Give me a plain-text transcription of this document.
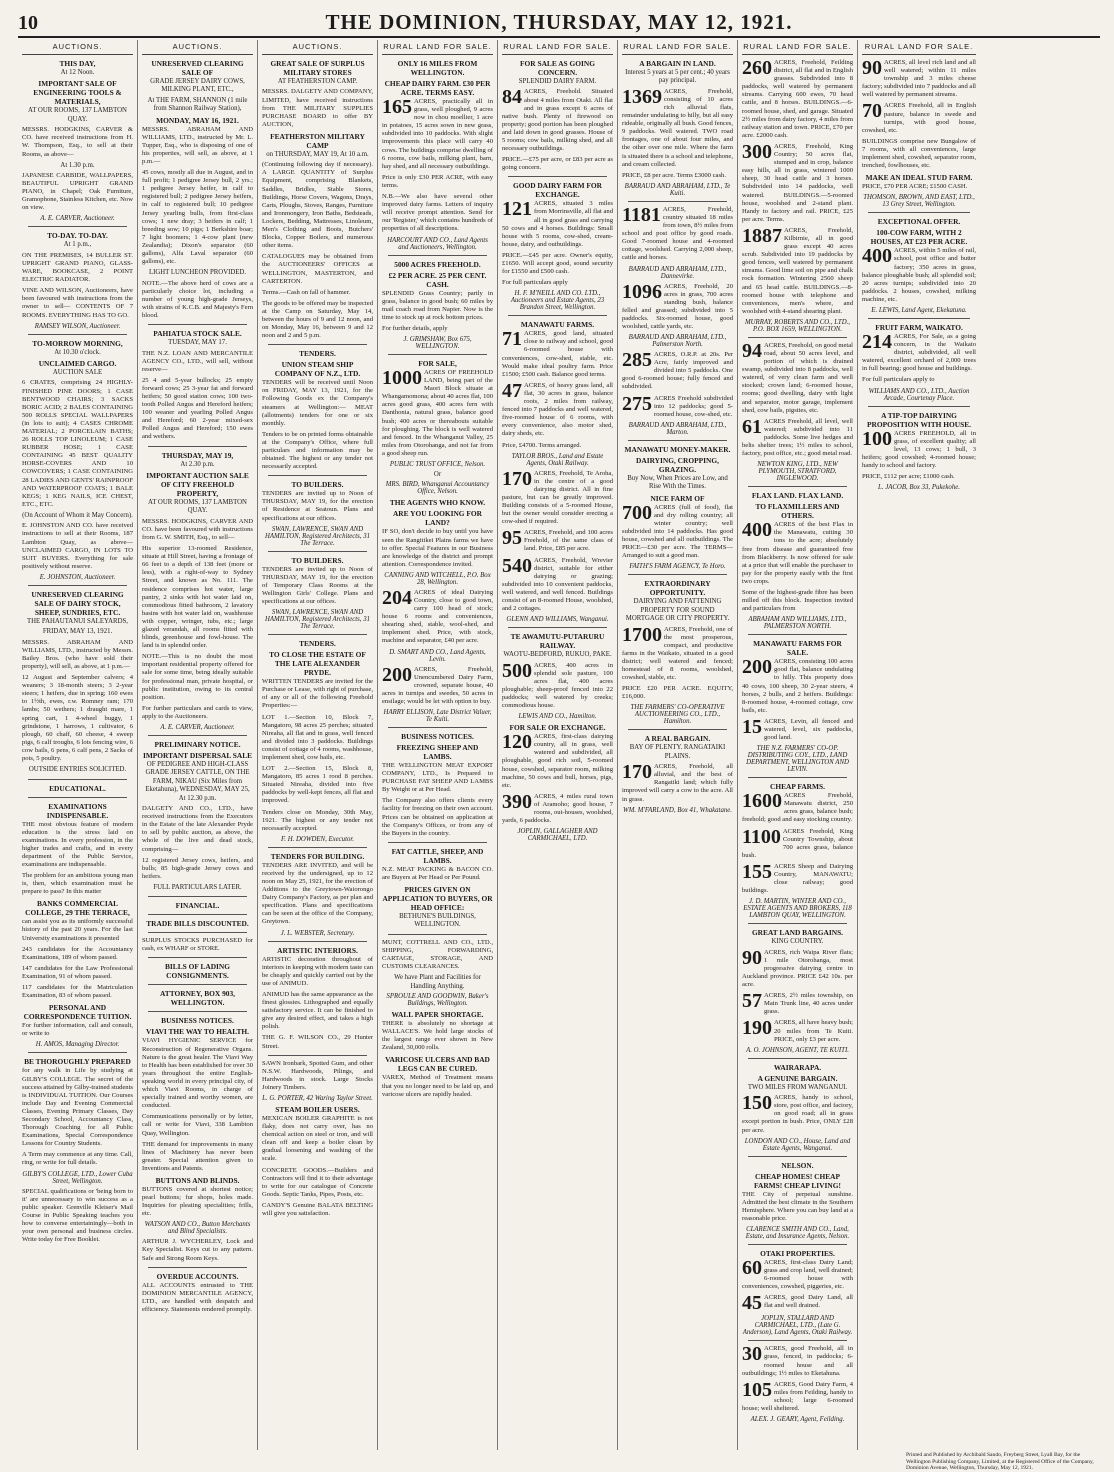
10	THE DOMINION, THURSDAY, MAY 12, 1921.
AUCTIONS.
THIS DAY,
At 12 Noon.
IMPORTANT SALE OF ENGINEERING TOOLS & MATERIALS,
AT OUR ROOMS, 137 LAMBTON QUAY.
MESSRS. HODGKINS, CARVER & CO. have received instructions from H. W. Thompson, Esq., to sell at their Rooms, as above—
At 1.30 p.m.
JAPANESE CARBIDE, WALLPAPERS, BEAUTIFUL UPRIGHT GRAND PIANO, in Chapel; Oak Furniture, Gramophone, Stainless Kitchen, etc. Now on view.
A. E. CARVER, Auctioneer.
TO-DAY. TO-DAY.
At 1 p.m.,
ON THE PREMISES, 14 BULLER ST. UPRIGHT GRAND PIANO, GLASS-WARE, BOOKCASE, 2 POINT ELECTRIC RADIATOR.
VINE AND WILSON, Auctioneers, have been favoured with instructions from the owner to sell— CONTENTS OF 7 ROOMS. EVERYTHING HAS TO GO.
RAMSEY WILSON, Auctioneer.
TO-MORROW MORNING,
At 10.30 o'clock.
UNCLAIMED CARGO.
AUCTION SALE
6 CRATES, comprising 24 HIGHLY-FINISHED PINE DOORS; 1 CASE BENTWOOD CHAIRS; 3 SACKS BORIC ACID; 2 BALES CONTAINING 500 ROLLS SPECIAL WALLPAPERS (in lots to suit); 4 CASES CHROME MATERIAL; 2 PORCELAIN BATHS; 26 ROLLS TOP LINOLEUM; 1 CASE RUBBER HOSE; 1 CASE CONTAINING 45 BEST QUALITY HORSE-COVERS AND 10 COWCOVERS; 1 CASE CONTAINING 28 LADIES AND GENTS' RAINPROOF AND WATERPROOF COATS; 1 BALE KEGS; 1 KEG NAILS, ICE CHEST, ETC., ETC.
(On Account of Whom it May Concern).
E. JOHNSTON AND CO. have received instructions to sell at their Rooms, 187 Lambton Quay, as above— UNCLAIMED CARGO, IN LOTS TO SUIT BUYERS. Everything for sale positively without reserve.
E. JOHNSTON, Auctioneer.
UNRESERVED CLEARING SALE OF DAIRY STOCK, SHEEP, SUNDRIES, ETC.
THE PAHAUTANUI SALEYARDS,
FRIDAY, MAY 13, 1921.
MESSRS. ABRAHAM AND WILLIAMS, LTD., instructed by Messrs. Bailey Bros. (who have sold their property), will sell, as above, at 1 p.m.—
12 August and September calvers; 4 weaners; 3 18-month steers; 3 2-year steers; 1 heifers, due in spring; 160 ewes to 1½th, ewes, r.w. Romney ram; 170 lambs; 50 wethers; 1 draught mare, 1 spring cart, 1 4-wheel buggy, 1 grindstone, 1 harrows, 1 cultivator, 6 plough, 60 chaff, 60 cheese, 4 sweep pigs, 6 calf troughs, 6 lots fencing wire, 6 cow bails, 6 pens, 6 calf pens, 2 Sacks of pots, 5 poultry.
OUTSIDE ENTRIES SOLICITED.
EDUCATIONAL.
EXAMINATIONS INDISPENSABLE.
THE most obvious feature of modern education is the stress laid on examinations. In every profession, in the higher trades and crafts, and in every department of the Public Service, examinations are indispensable.
The problem for an ambitious young man is, then, which examination must he prepare to pass? In this matter
BANKS COMMERCIAL COLLEGE, 29 THE TERRACE,
can assist you as its uniformly successful history of the past 20 years. For the last University examinations it presented
243 candidates for the Accountancy Examinations, 189 of whom passed.
147 candidates for the Law Professional Examination, 91 of whom passed.
117 candidates for the Matriculation Examination, 83 of whom passed.
PERSONAL AND CORRESPONDENCE TUITION.
For further information, call and consult, or write to
H. AMOS, Managing Director.
BE THOROUGHLY PREPARED
for any walk in Life by studying at GILBY'S COLLEGE. The secret of the success attained by Gilby-trained students is INDIVIDUAL TUITION. Our Courses include Day and Evening Commercial Classes, Evening Primary Classes, Day Secondary School, Accountancy Class, Thorough Coaching for all Public Examinations, Special Correspondence Lessons for Country Students.
A Term may commence at any time. Call, ring, or write for full details.
GILBY'S COLLEGE, LTD., Lower Cuba Street, Wellington.
SPECIAL qualifications or 'being born to it' are unnecessary to win success as a public speaker. Grenville Kleiser's Mail Course in Public Speaking teaches you how to converse entertainingly—both in your own personal and business circles. Write today for Free Booklet.
AUCTIONS.
UNRESERVED CLEARING SALE OF
GRADE JERSEY DAIRY COWS, MILKING PLANT, ETC.,
At THE FARM, SHANNON (1 mile from Shannon Railway Station),
MONDAY, MAY 16, 1921.
MESSRS. ABRAHAM AND WILLIAMS, LTD., instructed by Mr. L. Tupper, Esq., who is disposing of one of his properties, will sell, as above, at 1 p.m.—
45 cows, mostly all due in August, and in full profit; 1 pedigree Jersey bull, 2 yrs.; 1 pedigree Jersey heifer, in calf to registered bull; 2 pedigree Jersey heifers, in calf to registered bull; 10 pedigree Jersey yearling bulls, from first-class cows; 1 new dray; 3 heifers in calf; 1 breeding sow; 10 pigs; 1 Berkshire boar; 7 light boomers; 1 4-cow plant (new Zealandia); Dixon's separator (60 gallons), Alfa Laval separator (60 gallons), etc.
LIGHT LUNCHEON PROVIDED.
NOTE.—The above herd of cows are a particularly choice lot, including a number of young high-grade Jerseys, with strains of K.C.B. and Majesty's Fern blood.
PAHIATUA STOCK SALE.
TUESDAY, MAY 17.
THE N.Z. LOAN AND MERCANTILE AGENCY CO., LTD., will sell, without reserve—
25 4 and 5-year bullocks; 25 empty forward cows; 25 3-year fat and forward heifers; 50 good station cows; 100 two-tooth Polled Angus and Hereford heifers; 100 weaner and yearling Polled Angus and Hereford; 60 2-year mixed-sex Polled Angus and Hereford; 150 ewes and wethers.
THURSDAY, MAY 19,
At 2.30 p.m.
IMPORTANT AUCTION SALE OF CITY FREEHOLD PROPERTY,
AT OUR ROOMS, 137 LAMBTON QUAY.
MESSRS. HODGKINS, CARVER AND CO. have been favoured with instructions from G. W. SMITH, Esq., to sell—
His superior 13-roomed Residence, situate at Hill Street, having a frontage of 66 feet to a depth of 138 feet (more or less), with a right-of-way to Sydney Street, and known as No. 111. The residence comprises hot water, large pantry, 2 sinks with hot water laid on, commodious fitted bathroom, 2 lavatory basins with hot water laid on, washhouse with copper, wringer, tubs, etc.; large glazed verandah, all rooms fitted with blinds, greenhouse and fowl-house. The land is in splendid order.
NOTE.—This is no doubt the most important residential property offered for sale for some time, being ideally suitable for professional man, private hospital, or public institution, owing to its central position.
For further particulars and cards to view, apply to the Auctioneers.
A. E. CARVER, Auctioneer.
PRELIMINARY NOTICE.
IMPORTANT DISPERSAL SALE
OF PEDIGREE AND HIGH-CLASS GRADE JERSEY CATTLE, ON THE FARM, NIKAU (Six Miles from Eketahuna), WEDNESDAY, MAY 25, At 12.30 p.m.
DALGETY AND CO., LTD., have received instructions from the Executors in the Estate of the late Alexander Pryde to sell by public auction, as above, the whole of the live and dead stock, comprising—
12 registered Jersey cows, heifers, and bulls; 85 high-grade Jersey cows and heifers.
FULL PARTICULARS LATER.
FINANCIAL.
TRADE BILLS DISCOUNTED.
SURPLUS STOCKS PURCHASED for cash, ex WHARF or STORE.
BILLS OF LADING CONSIGNMENTS.
ATTORNEY, BOX 903, WELLINGTON.
BUSINESS NOTICES.
VIAVI THE WAY TO HEALTH.
VIAVI HYGIENIC SERVICE for Reconstruction of Regenerative Organs. Nature is the great healer. The Viavi Way to Health has been established for over 30 years throughout the entire English-speaking world in every principal city, of which Viavi Rooms, in charge of specially trained and worthy women, are conducted.
Communications personally or by letter, call or write for Viavi, 338 Lambton Quay, Wellington.
THE demand for improvements in many lines of Machinery has never been greater. Special attention given to Inventions and Patents.
BUTTONS AND BLINDS.
BUTTONS covered at shortest notice; pearl buttons; fur shops, holes made. Inquiries for pleating specialities; frills, etc.
WATSON AND CO., Button Merchants and Blind Specialists.
ARTHUR J. WYCHERLEY, Lock and Key Specialist. Keys cut to any pattern. Safe and Strong Room Keys.
OVERDUE ACCOUNTS.
ALL ACCOUNTS entrusted to THE DOMINION MERCANTILE AGENCY, LTD., are handled with despatch and efficiency. Statements rendered promptly.
AUCTIONS.
GREAT SALE OF SURPLUS MILITARY STORES
AT FEATHERSTON CAMP.
MESSRS. DALGETY AND COMPANY, LIMITED, have received instructions from THE MILITARY SUPPLIES PURCHASE BOARD to offer BY AUCTION,
FEATHERSTON MILITARY CAMP
on THURSDAY, MAY 19, At 10 a.m.
(Continuing following day if necessary). A LARGE QUANTITY of Surplus Equipment, comprising Blankets, Saddles, Bridles, Stable Stores, Buildings, Horse Covers, Wagons, Drays, Carts, Ploughs, Stoves, Ranges, Furniture and Ironmongery, Iron Baths, Bedsteads, Lockers, Bedding, Mattresses, Linoleum, Men's Clothing and Boots, Butchers' Blocks, Copper Boilers, and numerous other items.
CATALOGUES may be obtained from the AUCTIONEERS' OFFICES at WELLINGTON, MASTERTON, and CARTERTON.
Terms.—Cash on fall of hammer.
The goods to be offered may be inspected at the Camp on Saturday, May 14, between the hours of 9 and 12 noon, and on Monday, May 16, between 9 and 12 noon and 2 and 5 p.m.
TENDERS.
UNION STEAM SHIP COMPANY OF N.Z., LTD.
TENDERS will be received until Noon on FRIDAY, MAY 13, 1921, for the Following Goods ex the Company's steamers at Wellington:— MEAT (allotments) tenders for one or six monthly.
Tenders to be on printed forms obtainable at the Company's Office, where full particulars and information may be obtained. The highest or any tender not necessarily accepted.
TO BUILDERS.
TENDERS are invited up to Noon of THURSDAY, MAY 19, for the erection of Residence at Seatoun. Plans and specifications at our offices.
SWAN, LAWRENCE, SWAN AND HAMILTON, Registered Architects, 31 The Terrace.
TO BUILDERS.
TENDERS are invited up to Noon of THURSDAY, MAY 19, for the erection of Temporary Class Rooms at the Wellington Girls' College. Plans and specifications at our offices.
SWAN, LAWRENCE, SWAN AND HAMILTON, Registered Architects, 31 The Terrace.
TENDERS.
TO CLOSE THE ESTATE OF THE LATE ALEXANDER PRYDE.
WRITTEN TENDERS are invited for the Purchase or Lease, with right of purchase, of any or all of the following Freehold Properties:—
LOT 1.—Section 10, Block 7, Mangatoro, 98 acres 25 perches; situated Nireaha, all flat and in grass, well fenced and divided into 3 paddocks. Buildings consist of cottage of 4 rooms, washhouse, implement shed, cow bails, etc.
LOT 2.—Section 15, Block 8, Mangatoro, 85 acres 1 rood 8 perches. Situated Nireaha, divided into five paddocks by well-kept fences, all flat and improved.
Tenders close on Monday, 30th May, 1921. The highest or any tender not necessarily accepted.
F. H. DOWDEN, Executor.
TENDERS FOR BUILDING.
TENDERS ARE INVITED, and will be received by the undersigned, up to 12 noon on May 25, 1921, for the erection of Additions to the Greytown-Waiorongo Dairy Company's Factory, as per plan and specification. Plans and specifications can be seen at the office of the Company, Greytown.
J. L. WEBSTER, Secretary.
ARTISTIC INTERIORS.
ARTISTIC decoration throughout of interiors in keeping with modern taste can be cheaply and quickly carried out by the use of ANIMUD.
ANIMUD has the same appearance as the finest glossies. Lithographed and equally satisfactory service. It can be finished to give any desired effect, and takes a high polish.
THE G. F. WILSON CO., 29 Hunter Street.
SAWN Ironbark, Spotted Gum, and other N.S.W. Hardwoods, Pilings, and Hardwoods in stock. Large Stocks Joinery Timbers.
L. G. PORTER, 42 Waring Taylor Street.
STEAM BOILER USERS.
MEXICAN BOILER GRAPHITE is not flaky, does not carry over, has no chemical action on steel or iron, and will clean off and keep a boiler clean by gradual loosening and washing of the scale.
CONCRETE GOODS.—Builders and Contractors will find it to their advantage to write for our catalogue of Concrete Goods. Septic Tanks, Pipes, Posts, etc.
CANDY'S Genuine BALATA BELTING will give you satisfaction.
RURAL LAND FOR SALE.
ONLY 16 MILES FROM WELLINGTON.
CHEAP DAIRY FARM. £30 PER ACRE. TERMS EASY.
165 ACRES, practically all in grass, well ploughed, 9 acres now in chou moellier, 1 acre in potatoes, 15 acres sown in new grass, subdivided into 10 paddocks. With slight improvements this place will carry 40 cows. The buildings comprise dwelling of 6 rooms, cow bails, milking plant, barn, hay shed, and all necessary outbuildings.
Price is only £30 PER ACRE, with easy terms.
N.B.—We also have several other improved dairy farms. Letters of inquiry will receive prompt attention. Send for our 'Register,' which contains hundreds of properties of all descriptions.
HARCOURT AND CO., Land Agents and Auctioneers, Wellington.
5000 ACRES FREEHOLD.
£2 PER ACRE. 25 PER CENT. CASH.
SPLENDID Grass Country; partly in grass, balance in good bush; 60 miles by mail coach road from Napier. Now is the time to stock up at rock bottom prices.
For further details, apply
J. GRIMSHAW, Box 675, WELLINGTON.
FOR SALE,
1000 ACRES OF FREEHOLD LAND, being part of the Maori Block situate at Whangamomona; about 40 acres flat, 100 acres good grass, 400 acres fern with Danthonia, natural grass, balance good bush; 400 acres or thereabouts suitable for ploughing. The block is well watered and fenced. In the Whanganui Valley, 25 miles from Otorohanga, and not far from a good sheep run.
PUBLIC TRUST OFFICE, Nelson.
Or
MRS. BIRD, Whanganui Accountancy Office, Nelson.
THE AGENTS WHO KNOW.
ARE YOU LOOKING FOR LAND?
IF SO, don't decide to buy until you have seen the Rangitikei Plains farms we have to offer. Special Features in our Business are knowledge of the district and prompt attention. Correspondence invited.
CANNING AND WITCHELL, P.O. Box 28, Wellington.
204 ACRES of ideal Dairying Country, close to good town, carry 100 head of stock; house 6 rooms and conveniences, shearing shed, stable, wool-shed, and implement shed. Price, with stock, machine and separator, £40 per acre.
D. SMART AND CO., Land Agents, Levin.
200 ACRES, Freehold, Unencumbered Dairy Farm, crowned, separate house, 40 acres in turnips and swedes, 50 acres in ensilage; would be let with option to buy.
HARRY ELLISON, Late District Valuer, Te Kuiti.
BUSINESS NOTICES.
FREEZING SHEEP AND LAMBS.
THE WELLINGTON MEAT EXPORT COMPANY, LTD., Is Prepared to PURCHASE FAT SHEEP AND LAMBS By Weight or at Per Head.
The Company also offers clients every facility for freezing on their own account. Prices can be obtained on application at the Company's Offices, or from any of the Buyers in the country.
FAT CATTLE, SHEEP, AND LAMBS.
N.Z. MEAT PACKING & BACON CO. are Buyers at Per Head or Per Pound.
PRICES GIVEN ON APPLICATION TO BUYERS, OR HEAD OFFICE:
BETHUNE'S BUILDINGS, WELLINGTON.
MUNT, COTTRELL AND CO., LTD., SHIPPING, FORWARDING, CARTAGE, STORAGE, AND CUSTOMS CLEARANCES.
We have Plant and Facilities for Handling Anything.
SPROULE AND GOODWIN, Baker's Buildings, Wellington.
WALL PAPER SHORTAGE.
THERE is absolutely no shortage at WALLACE'S. We hold large stocks of the largest range ever shown in New Zealand, 30,000 rolls.
VARICOSE ULCERS AND BAD LEGS CAN BE CURED.
VAREX, Method of Treatment means that you no longer need to be laid up, and varicose ulcers are rapidly healed.
RURAL LAND FOR SALE.
FOR SALE AS GOING CONCERN.
SPLENDID DAIRY FARM.
84 ACRES, Freehold. Situated about 4 miles from Otaki. All flat and in grass except 6 acres of native bush. Plenty of firewood on property; good portion has been ploughed and laid down in good grasses. House of 5 rooms; cow bails, milking shed, and all necessary outbuildings.
PRICE.—£75 per acre, or £83 per acre as going concern.
GOOD DAIRY FARM FOR EXCHANGE.
121 ACRES, situated 3 miles from Morrinsville, all flat and all in good grass and carrying 50 cows and 4 horses. Buildings: Small house with 5 rooms, cow-shed, cream-house, dairy, and outbuildings.
PRICE.—£45 per acre. Owner's equity, £1650. Will accept good, sound security for £1550 and £500 cash.
For full particulars apply
H. F. M'NEILL AND CO. LTD., Auctioneers and Estate Agents, 23 Brandon Street, Wellington.
MANAWATU FARMS.
71 ACRES, good land, situated close to railway and school, good 6-roomed house with conveniences, cow-shed, stable, etc. Would make ideal poultry farm. Price £1500; £500 cash. Balance good terms.
47 ACRES, of heavy grass land, all flat, 30 acres in grass, balance roots, 2 miles from railway, fenced into 7 paddocks and well watered, five-roomed house of 6 rooms, with every convenience, also motor shed, dairy sheds, etc.
Price, £4700. Terms arranged.
TAYLOR BROS., Land and Estate Agents, Otaki Railway.
170 ACRES, Freehold, Te Aroha, in the centre of a good dairying district. All in fine pasture, but can be greatly improved. Building consists of a 5-roomed House, but the owner would consider erecting a cow-shed if required.
95 ACRES, Freehold, and 100 acres Freehold, of the same class of land. Price, £85 per acre.
540 ACRES, Freehold, Wrevier district, suitable for either dairying or grazing; subdivided into 10 convenient paddocks, well watered, and well fenced. Buildings consist of an 8-roomed House, woolshed, and 2 cottages.
GLENN AND WILLIAMS, Wanganui.
TE AWAMUTU-PUTARURU RAILWAY.
WAOTU-BEDFORD, RUKUO, PAKE.
500 ACRES, 400 acres in splendid sole pasture, 100 acres flat, 400 acres ploughable; sheep-proof fenced into 22 paddocks; well watered by creeks; commodious house.
LEWIS AND CO., Hamilton.
FOR SALE OR EXCHANGE.
120 ACRES, first-class dairying country, all in grass, well watered and subdivided, all ploughable, good rich soil, 5-roomed house, cowshed, separator room, milking machine, 50 cows and bull, horses, pigs, etc.
390 ACRES, 4 miles rural town of Aramoho; good house, 7 rooms, out-houses, woolshed, yards, 6 paddocks.
JOPLIN, GALLAGHER AND CARMICHAEL, LTD.
RURAL LAND FOR SALE.
A BARGAIN IN LAND.
Interest 5 years at 5 per cent.; 40 years pay principal.
1369 ACRES, Freehold, consisting of 10 acres rich alluvial flats, remainder undulating to hilly, but all easy rideable, originally all bush. Good fences, 9 paddocks. Well watered. TWO road frontages, one of about four miles, and the other over one mile. Where the farm is situated there is a school and telephone, and cream collected.
PRICE, £8 per acre. Terms £3000 cash.
BARRAUD AND ABRAHAM, LTD., Te Kuiti.
1181 ACRES, Freehold, country situated 18 miles from town, 8½ miles from school and post office by good roads. Good 7-roomed house and 4-roomed cottage, woolshed. Carrying 2,000 sheep, cattle and horses.
BARRAUD AND ABRAHAM, LTD., Dannevirke.
1096 ACRES, Freehold, 20 acres in grass, 700 acres standing bush, balance felled and grassed; subdivided into 5 paddocks. Six-roomed house, good woolshed, cattle yards, etc.
BARRAUD AND ABRAHAM, LTD., Palmerston North.
285 ACRES, O.R.P. at 20s. Per Acre, fairly improved and divided into 5 paddocks. One good 6-roomed house; fully fenced and subdivided.
275 ACRES Freehold subdivided into 12 paddocks; good 5-roomed house, cow-shed, etc.
BARRAUD AND ABRAHAM, LTD., Marton.
MANAWATU MONEY-MAKER.
DAIRYING, CROPPING, GRAZING.
Buy Now, When Prices are Low, and Rise With the Times.
NICE FARM OF
700 ACRES (full of food), flat and dry rolling country; all winter country; well subdivided into 14 paddocks. Has good house, cowshed and all outbuildings. The PRICE—£30 per acre. The TERMS—Arranged to suit a good man.
FAITH'S FARM AGENCY, Te Horo.
EXTRAORDINARY OPPORTUNITY.
DAIRYING AND FATTENING PROPERTY FOR SOUND MORTGAGE OR CITY PROPERTY.
1700 ACRES, Freehold, one of the most prosperous, compact, and productive farms in the Waikato, situated in a good district; well watered and fenced; homestead of 8 rooms, woolshed, cowshed, stable, etc.
PRICE £20 PER ACRE. EQUITY, £16,000.
THE FARMERS' CO-OPERATIVE AUCTIONEERING CO., LTD., Hamilton.
A REAL BARGAIN.
BAY OF PLENTY. RANGATAIKI PLAINS.
170 ACRES, Freehold, all alluvial, and the best of Rangatiki land; which fully improved will carry a cow to the acre. All in grass.
WM. M'FARLAND, Box 41, Whakatane.
RURAL LAND FOR SALE.
260 ACRES, Freehold, Feilding district, all flat and in English grasses. Subdivided into 8 paddocks, well watered by permanent streams. Carrying 600 ewes, 70 head cattle, and 8 horses. BUILDINGS.—6-roomed house, shed, and garage. Situated 2½ miles from dairy factory, 4 miles from railway station and town. PRICE, £70 per acre. £2000 cash.
300 ACRES, Freehold, King Country; 50 acres flat, stumped and in crop, balance easy hills, all in grass, wintered 1000 sheep, 30 head cattle and 3 horses. Subdivided into 14 paddocks, well watered. BUILDINGS.—5-roomed house, woolshed and 2-stand plant. Handy to factory and rail. PRICE, £25 per acre. Terms.
1887 ACRES, Freehold, Kilbirnie, all in good grass except 40 acres scrub. Subdivided into 19 paddocks by good fences, well watered by permanent streams. Good lime soil on pipe and chalk rock formation. Wintering 2560 sheep and 65 head cattle. BUILDINGS.—8-roomed house with telephone and conveniences, men's where, and woolshed with 4-stand shearing plant.
MURRAY, ROBERTS AND CO., LTD., P.O. BOX 1659, WELLINGTON.
94 ACRES, Freehold, on good metal road, about 50 acres level, and portion of which is drained swamp, subdivided into 8 paddocks, well watered, of very clean farm and well stocked; crown land; 6-roomed house, rooms; good dwelling, dairy with light and separator, motor garage, implement shed, cow bails, pigsties, etc.
61 ACRES Freehold, all level, well watered; subdivided into 11 paddocks. Some live hedges and belts shelter trees; 1½ miles to school, factory, post office, etc.; good metal road.
NEWTON KING, LTD., NEW PLYMOUTH, STRATFORD, INGLEWOOD.
FLAX LAND. FLAX LAND.
TO FLAXMILLERS AND OTHERS.
400 ACRES of the best Flax in the Manawatu, cutting 30 tons to the acre; absolutely free from disease and guaranteed free from Blackberry. Is now offered for sale at a price that will enable the purchaser to pay for the property easily with the first two crops.
Some of the highest-grade fibre has been milled off this block. Inspection invited and particulars from
ABRAHAM AND WILLIAMS, LTD., PALMERSTON NORTH.
MANAWATU FARMS FOR SALE.
200 ACRES, consisting 100 acres good flat, balance undulating to hilly. This property does 40 cows, 100 sheep, 30 2-year steers, 4 horses, 2 bulls, and 2 heifers. Buildings: 8-roomed house, 4-roomed cottage, cow bails, etc.
15 ACRES, Levin, all fenced and watered, level, six paddocks, good land.
THE N.Z. FARMERS' CO-OP. DISTRIBUTING COY., LTD., LAND DEPARTMENT, WELLINGTON AND LEVIN.
CHEAP FARMS.
1600 ACRES Freehold, Manawatu district, 250 acres grass, balance bush; freehold; good and easy stocking country.
1100 ACRES Freehold, King Country Township, about 700 acres grass, balance bush.
155 ACRES Sheep and Dairying Country, MANAWATU; close railway; good buildings.
J. D. MARTIN, WINTER AND CO., ESTATE AGENTS AND BROKERS, 118 LAMBTON QUAY, WELLINGTON.
GREAT LAND BARGAINS.
KING COUNTRY.
90 ACRES, rich Waipa River flats; 1 mile Otorohanga, most progressive dairying centre in Auckland province. PRICE £42 10s. per acre.
57 ACRES, 2½ miles township, on Main Trunk line, 40 acres under grass.
190 ACRES, all have heavy bush; 20 miles from Te Kuiti. PRICE, only £3 per acre.
A. O. JOHNSON, AGENT, TE KUITI.
WAIRARAPA.
A GENUINE BARGAIN.
TWO MILES FROM WANGANUI.
150 ACRES, handy to school, store, post office, and factory, on good road; all in grass except portion in bush. Price, ONLY £28 per acre.
LONDON AND CO., House, Land and Estate Agents, Wanganui.
NELSON.
CHEAP HOMES! CHEAP FARMS! CHEAP LIVING!
THE City of perpetual sunshine. Admitted the best climate in the Southern Hemisphere. Where you can buy land at a reasonable price.
CLARENCE SMITH AND CO., Land, Estate, and Insurance Agents, Nelson.
OTAKI PROPERTIES.
60 ACRES, first-class Dairy Land; grass and crop land, well drained; 6-roomed house with conveniences, cowshed, piggeries, etc.
45 ACRES, good Dairy Land, all flat and well drained.
JOPLIN, STALLARD AND CARMICHAEL, LTD., (Late G. Anderson), Land Agents, Otaki Railway.
30 ACRES, good Freehold, all in grass, fenced, in paddocks; 6-roomed house and all outbuildings; 1½ miles to Eketahuna.
105 ACRES, Good Dairy Farm, 4 miles from Feilding, handy to school; large 6-roomed house; well sheltered.
ALEX. J. GEARY, Agent, Feilding.
RURAL LAND FOR SALE.
90 ACRES, all level rich land and all well watered; within 11 miles township and 3 miles cheese factory; subdivided into 7 paddocks and all well watered by permanent streams.
70 ACRES Freehold, all in English pasture, balance in swede and turnips, with good house, cowshed, etc.
BUILDINGS comprise new Bungalow of 7 rooms, with all conveniences, large implement shed, cowshed, separator room, trenched, fowlhouses, etc.
MAKE AN IDEAL STUD FARM.
PRICE, £70 PER ACRE; £1500 CASH.
THOMSON, BROWN, AND EAST, LTD., 13 Grey Street, Wellington.
EXCEPTIONAL OFFER.
100-COW FARM, WITH 2 HOUSES, AT £23 PER ACRE.
400 ACRES, within 5 miles of rail, school, post office and butter factory; 350 acres in grass, balance ploughable bush; all splendid soil; 20 acres turnips; subdivided into 20 paddocks. 2 houses, cowshed, milking machine, etc.
E. LEWIS, Land Agent, Ekekatuna.
FRUIT FARM, WAIKATO.
214 ACRES, For Sale, as a going concern, in the Waikato district, subdivided, all well watered, excellent orchard of 2,000 trees in full bearing; good house and buildings.
For full particulars apply to
WILLIAMS AND CO., LTD., Auction Arcade, Courtenay Place.
A TIP-TOP DAIRYING PROPOSITION WITH HOUSE.
100 ACRES FREEHOLD, all in grass, of excellent quality; all level, 13 cows; 1 bull, 3 heifers; good cowshed; 4-roomed house; handy to school and factory.
PRICE, £112 per acre; £1000 cash.
L. JACOB, Box 33, Pukekohe.
Printed and Published by Archibald Sando, Freyberg Street, Lyall Bay, for the Wellington Publishing Company, Limited, at the Registered Office of the Company, Dominion Avenue, Wellington, Thursday, May 12, 1921.
